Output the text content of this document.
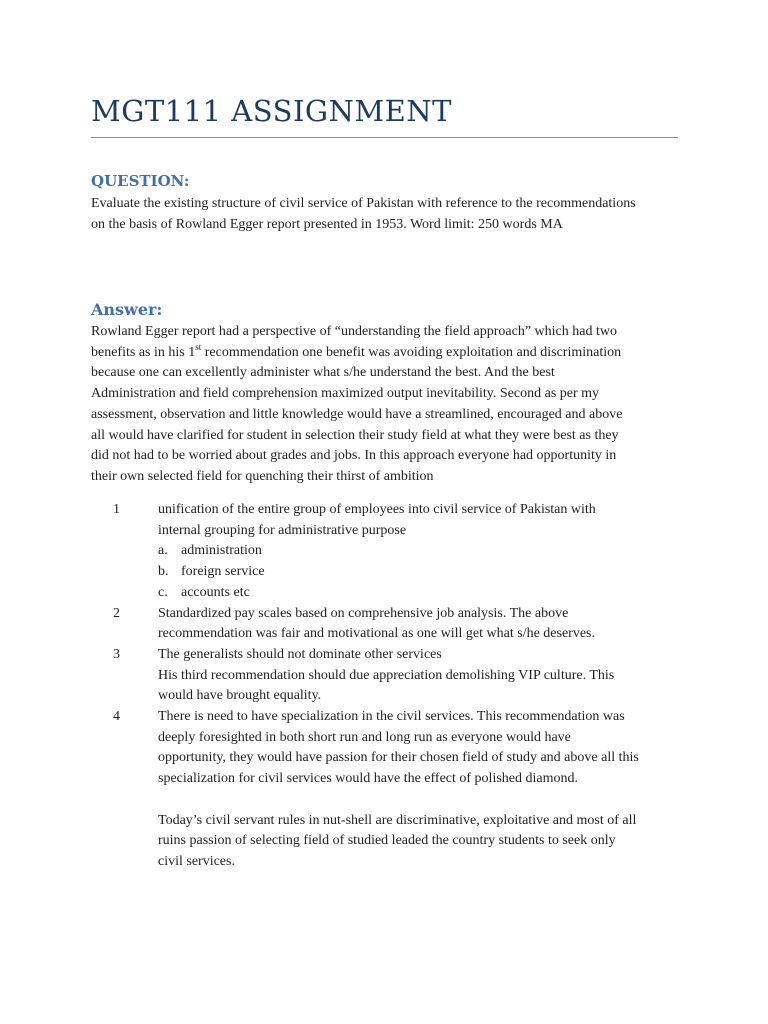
MGT111 ASSIGNMENT
QUESTION:

Evaluate the existing structure of civil service of Pakistan with reference to the recommendations
on the basis of Rowland Egger report presented in 1953. Word limit: 250 words MA

Answer:

Rowland Egger report had a perspective of “understanding the field approach” which had two
benefits as in his 1st recommendation one benefit was avoiding exploitation and discrimination
because one can excellently administer what s/he understand the best. And the best
Administration and field comprehension maximized output inevitability. Second as per my
assessment, observation and little knowledge would have a streamlined, encouraged and above
all would have clarified for student in selection their study field at what they were best as they
did not had to be worried about grades and jobs. In this approach everyone had opportunity in
their own selected field for quenching their thirst of ambition

1	unification of the entire group of employees into civil service of Pakistan with
internal grouping for administrative purpose
a. administration
b. foreign service
c. accounts etc
2	Standardized pay scales based on comprehensive job analysis. The above
recommendation was fair and motivational as one will get what s/he deserves.
3	The generalists should not dominate other services
His third recommendation should due appreciation demolishing VIP culture. This
would have brought equality.
4	There is need to have specialization in the civil services. This recommendation was
deeply foresighted in both short run and long run as everyone would have
opportunity, they would have passion for their chosen field of study and above all this
specialization for civil services would have the effect of polished diamond.
Today’s civil servant rules in nut-shell are discriminative, exploitative and most of all
ruins passion of selecting field of studied leaded the country students to seek only
civil services.
